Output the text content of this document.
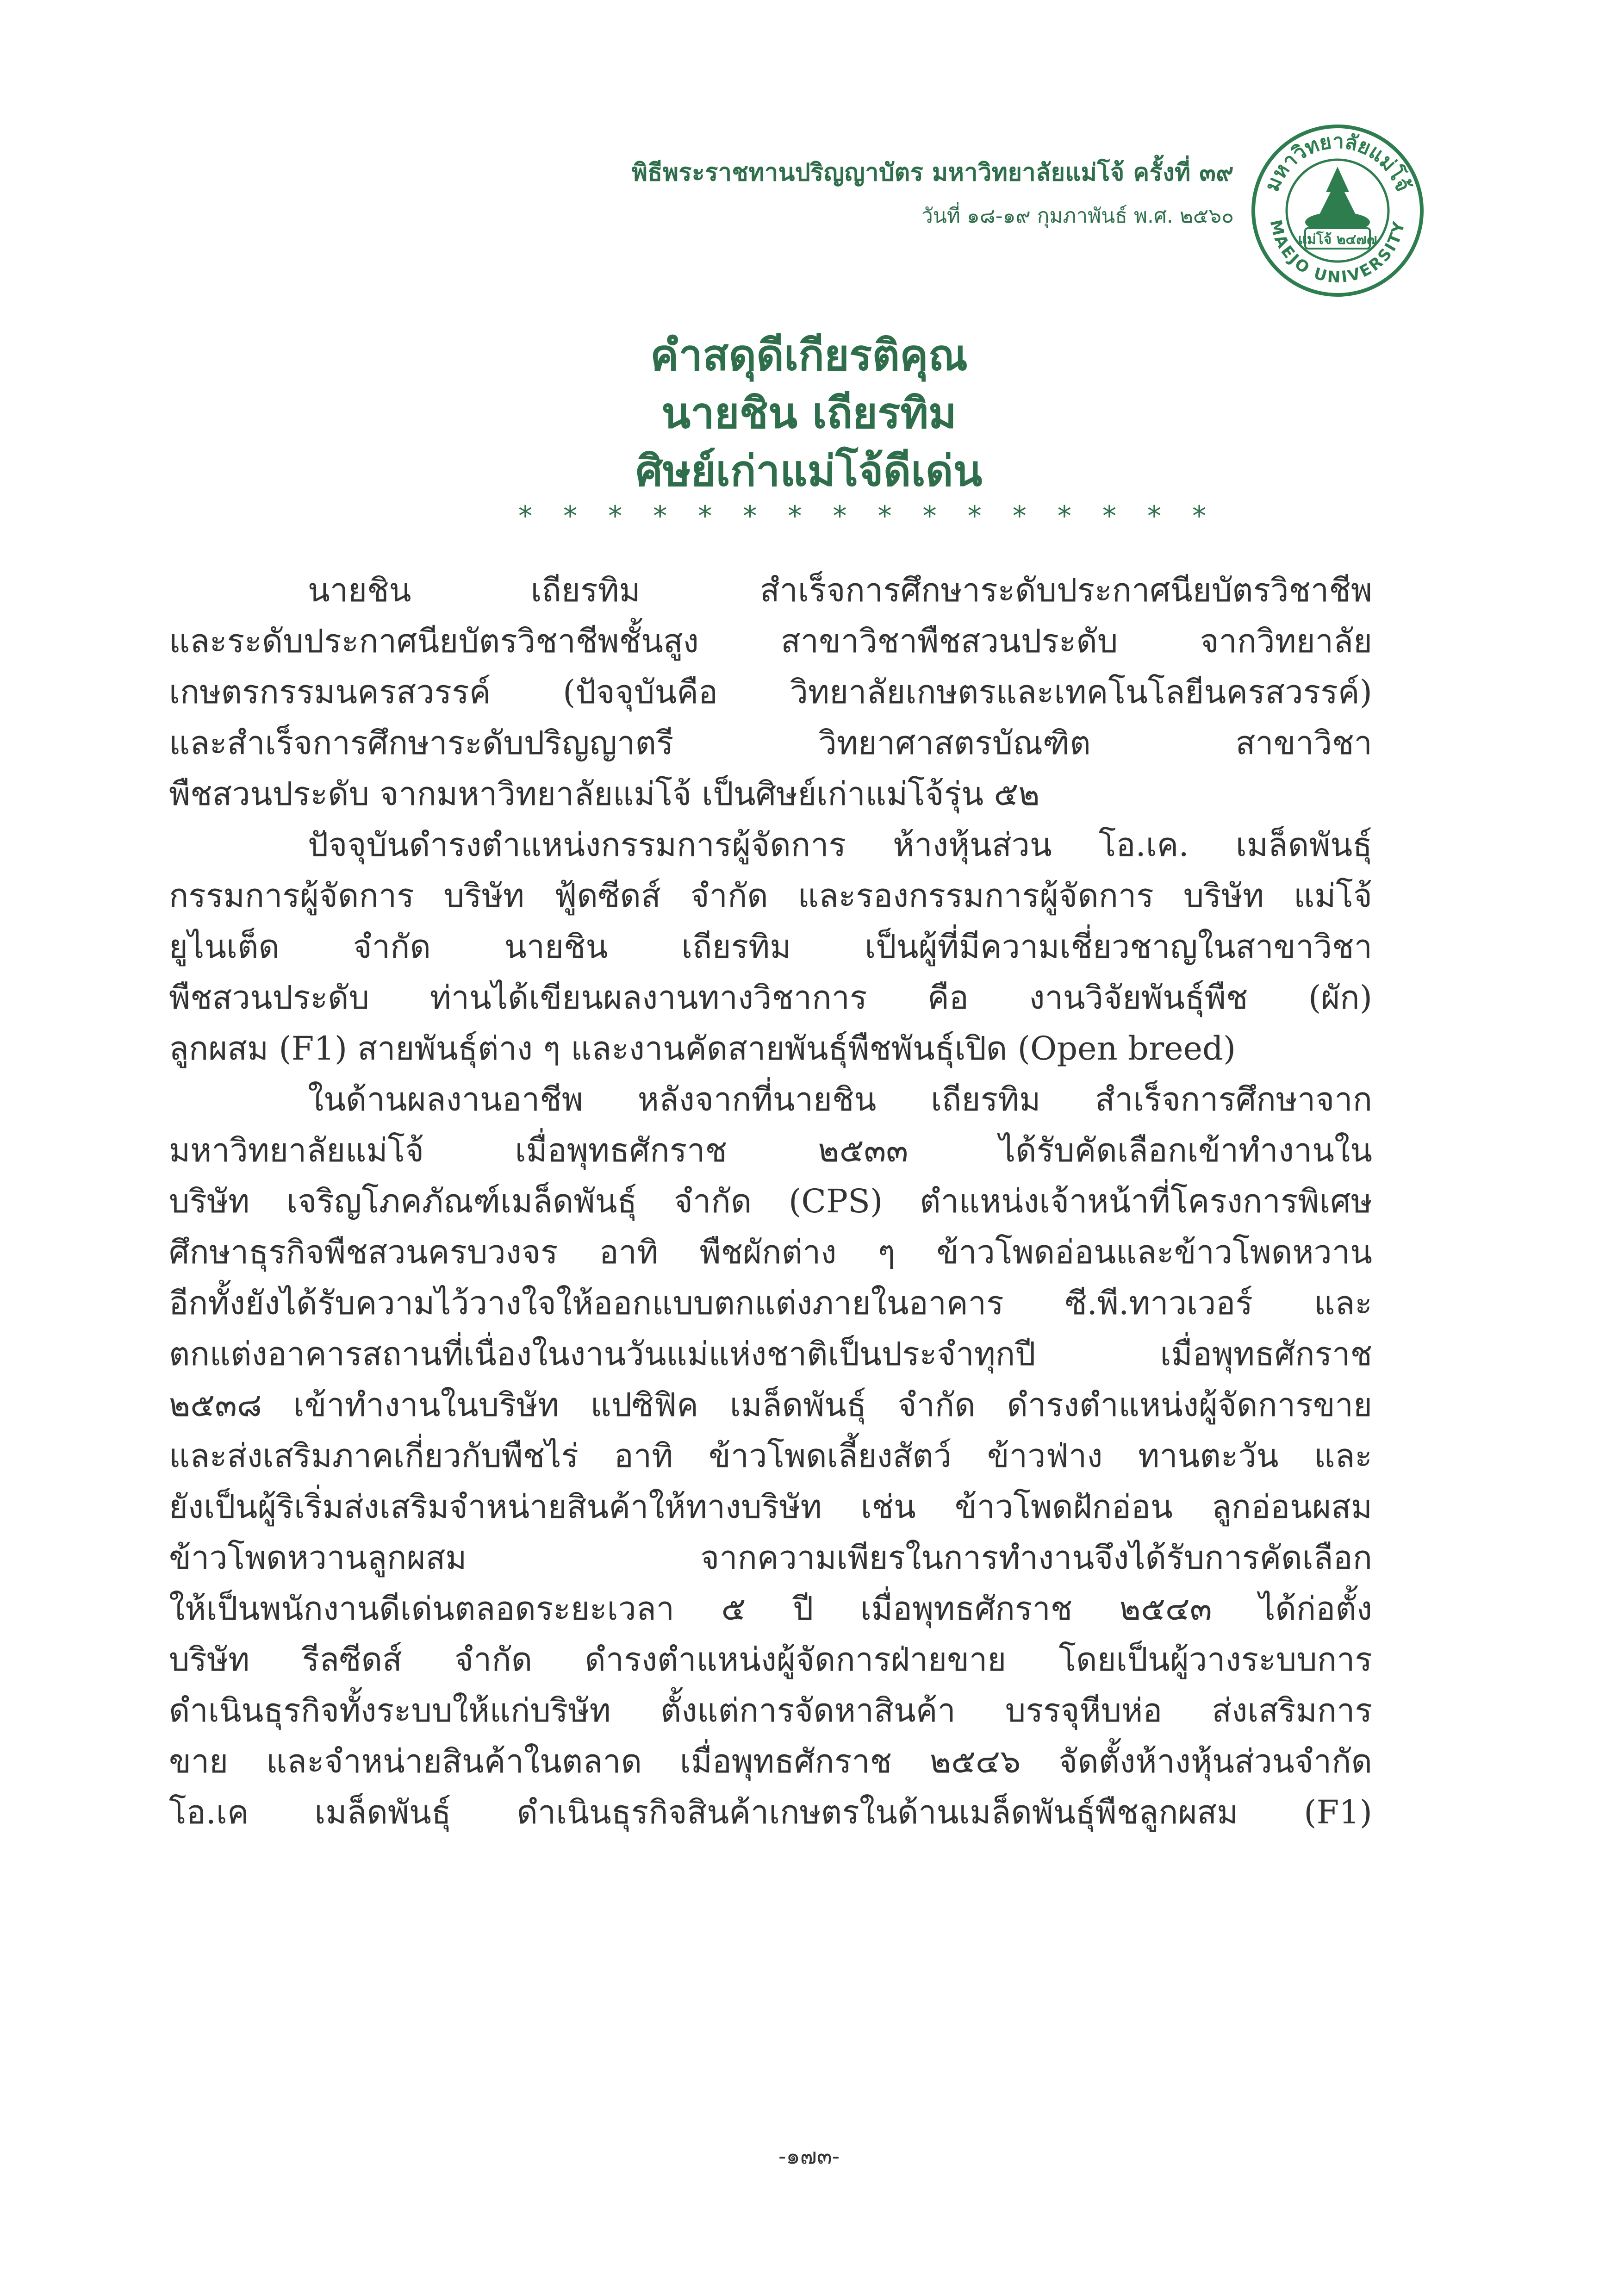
พิธีพระราชทานปริญญาบัตร มหาวิทยาลัยแม่โจ้ ครั้งที่ ๓๙
วันที่ ๑๘-๑๙ กุมภาพันธ์ พ.ศ. ๒๕๖๐
มหาวิทยาลัยแม่โจ้
MAEJO UNIVERSITY
แม่โจ้ ๒๔๗๗
คำสดุดีเกียรติคุณ
นายชิน เถียรทิม
ศิษย์เก่าแม่โจ้ดีเด่น
* * * * * * * * * * * * * * * *
นายชิน เถียรทิม สำเร็จการศึกษาระดับประกาศนียบัตรวิชาชีพ
และระดับประกาศนียบัตรวิชาชีพชั้นสูง สาขาวิชาพืชสวนประดับ จากวิทยาลัย
เกษตรกรรมนครสวรรค์ (ปัจจุบันคือ วิทยาลัยเกษตรและเทคโนโลยีนครสวรรค์)
และสำเร็จการศึกษาระดับปริญญาตรี วิทยาศาสตรบัณฑิต สาขาวิชา
พืชสวนประดับ จากมหาวิทยาลัยแม่โจ้ เป็นศิษย์เก่าแม่โจ้รุ่น ๕๒
ปัจจุบันดำรงตำแหน่งกรรมการผู้จัดการ ห้างหุ้นส่วน โอ.เค. เมล็ดพันธุ์
กรรมการผู้จัดการ บริษัท ฟู้ดซีดส์ จำกัด และรองกรรมการผู้จัดการ บริษัท แม่โจ้
ยูไนเต็ด จำกัด นายชิน เถียรทิม เป็นผู้ที่มีความเชี่ยวชาญในสาขาวิชา
พืชสวนประดับ ท่านได้เขียนผลงานทางวิชาการ คือ งานวิจัยพันธุ์พืช (ผัก)
ลูกผสม (F1) สายพันธุ์ต่าง ๆ และงานคัดสายพันธุ์พืชพันธุ์เปิด (Open breed)
ในด้านผลงานอาชีพ หลังจากที่นายชิน เถียรทิม สำเร็จการศึกษาจาก
มหาวิทยาลัยแม่โจ้ เมื่อพุทธศักราช ๒๕๓๓ ได้รับคัดเลือกเข้าทำงานใน
บริษัท เจริญโภคภัณฑ์เมล็ดพันธุ์ จำกัด (CPS) ตำแหน่งเจ้าหน้าที่โครงการพิเศษ
ศึกษาธุรกิจพืชสวนครบวงจร อาทิ พืชผักต่าง ๆ ข้าวโพดอ่อนและข้าวโพดหวาน
อีกทั้งยังได้รับความไว้วางใจให้ออกแบบตกแต่งภายในอาคาร ซี.พี.ทาวเวอร์ และ
ตกแต่งอาคารสถานที่เนื่องในงานวันแม่แห่งชาติเป็นประจำทุกปี เมื่อพุทธศักราช
๒๕๓๘ เข้าทำงานในบริษัท แปซิฟิค เมล็ดพันธุ์ จำกัด ดำรงตำแหน่งผู้จัดการขาย
และส่งเสริมภาคเกี่ยวกับพืชไร่ อาทิ ข้าวโพดเลี้ยงสัตว์ ข้าวฟ่าง ทานตะวัน และ
ยังเป็นผู้ริเริ่มส่งเสริมจำหน่ายสินค้าให้ทางบริษัท เช่น ข้าวโพดฝักอ่อน ลูกอ่อนผสม
ข้าวโพดหวานลูกผสม จากความเพียรในการทำงานจึงได้รับการคัดเลือก
ให้เป็นพนักงานดีเด่นตลอดระยะเวลา ๕ ปี เมื่อพุทธศักราช ๒๕๔๓ ได้ก่อตั้ง
บริษัท รีลซีดส์ จำกัด ดำรงตำแหน่งผู้จัดการฝ่ายขาย โดยเป็นผู้วางระบบการ
ดำเนินธุรกิจทั้งระบบให้แก่บริษัท ตั้งแต่การจัดหาสินค้า บรรจุหีบห่อ ส่งเสริมการ
ขาย และจำหน่ายสินค้าในตลาด เมื่อพุทธศักราช ๒๕๔๖ จัดตั้งห้างหุ้นส่วนจำกัด
โอ.เค เมล็ดพันธุ์ ดำเนินธุรกิจสินค้าเกษตรในด้านเมล็ดพันธุ์พืชลูกผสม (F1)
-๑๗๓-
